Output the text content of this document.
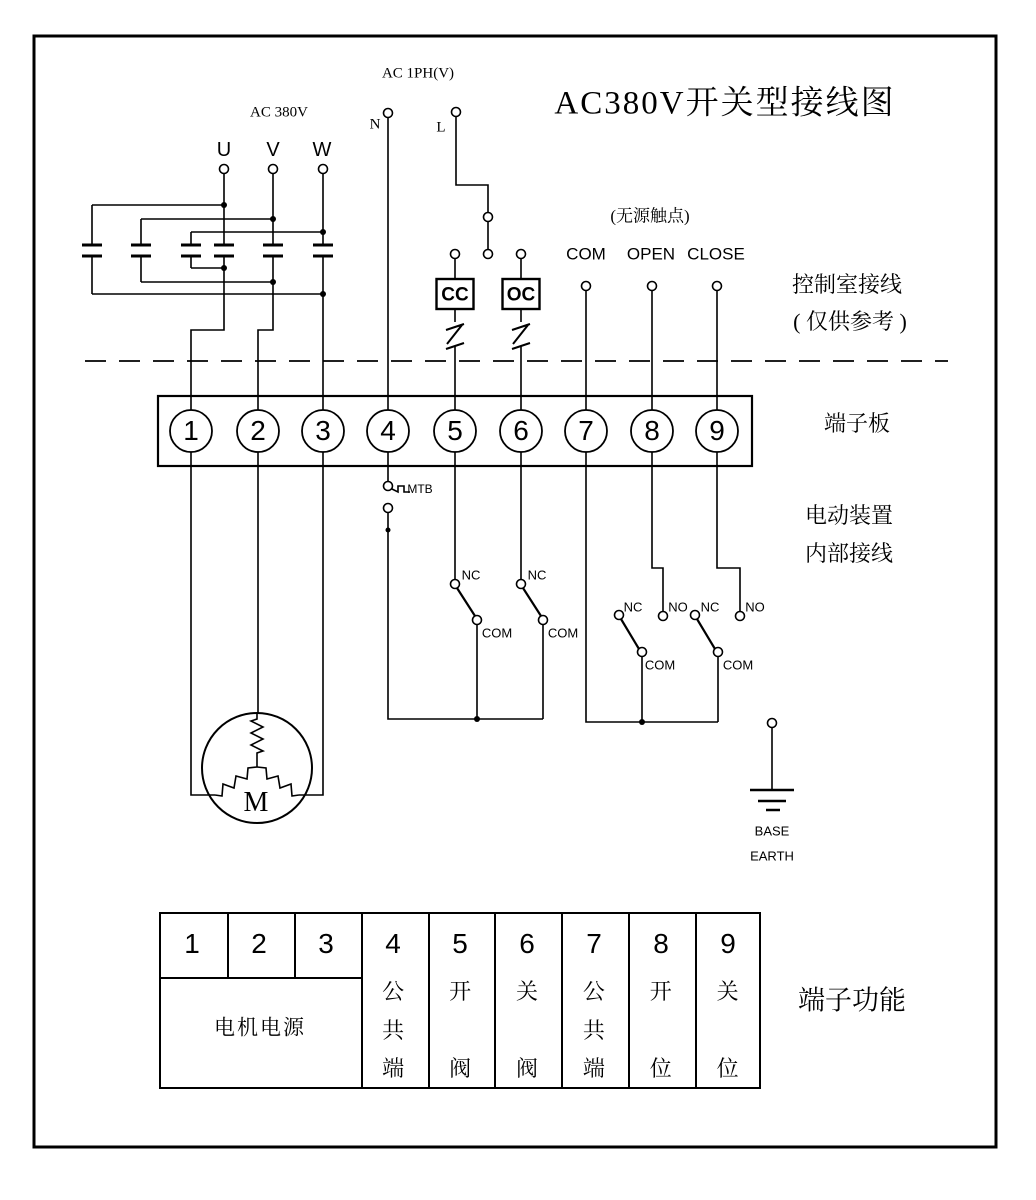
AC380V开关型接线图
AC 1PH(V)
AC 380V
N	L
U V W
(无源触点)
COM OPEN CLOSE
控制室接线
( 仅供参考 )
CC OC
端子板
1 2 3 4 5 6 7 8 9
电动装置
内部接线
MTB
NC
COM
NC
COM
NC NO
COM
NC NO
COM
M
BASE
EARTH
1 2 3 4 5 6 7 8 9
电机电源
公
共
端
开
阀
关
阀
公
共
端
开
位
关
位
端子功能
